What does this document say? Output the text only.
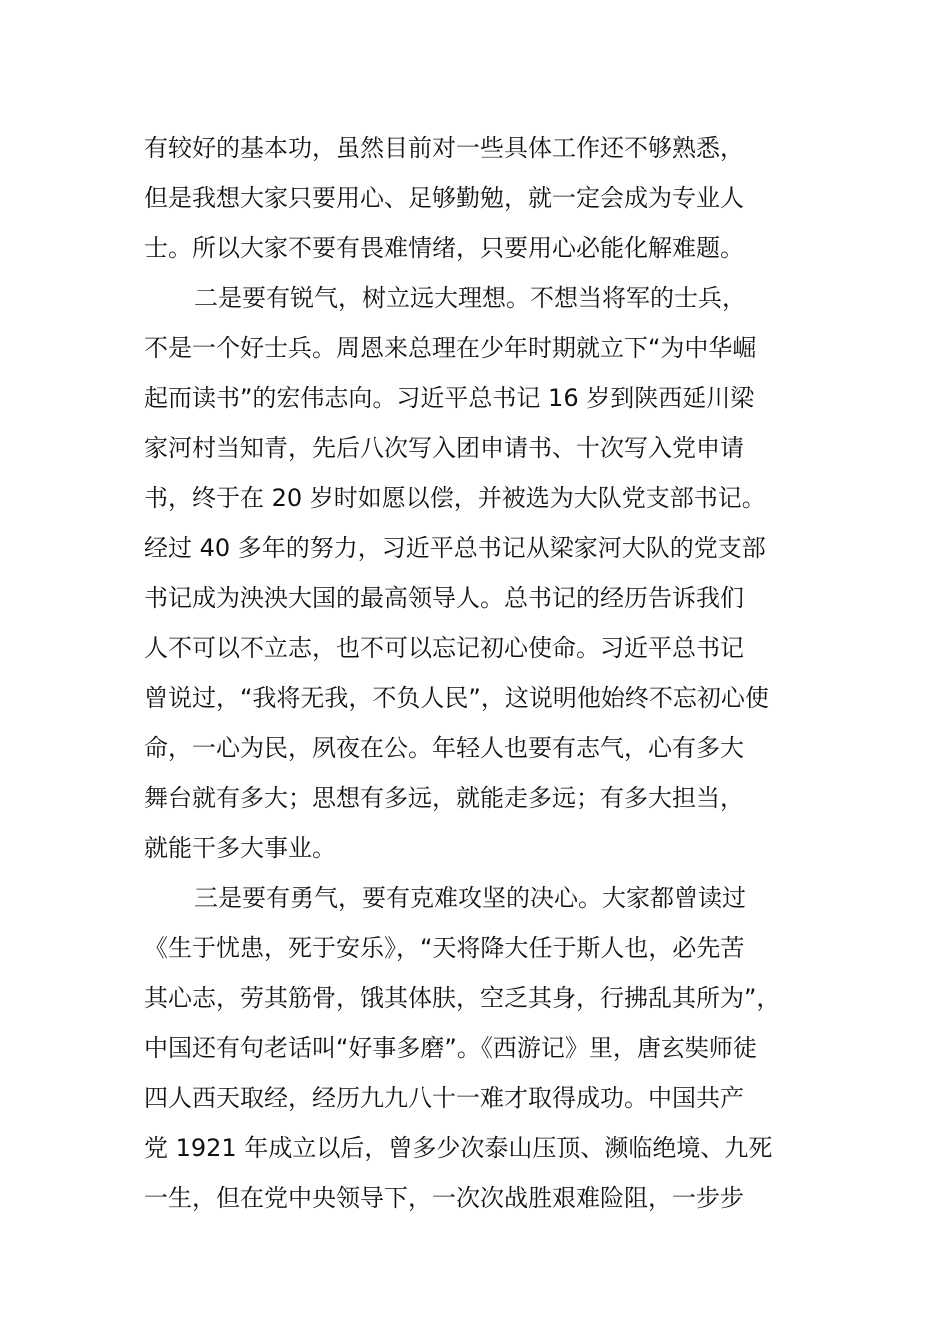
有较好的基本功，虽然目前对一些具体工作还不够熟悉，
但是我想大家只要用心、足够勤勉，就一定会成为专业人
士。所以大家不要有畏难情绪，只要用心必能化解难题。
二是要有锐气，树立远大理想。不想当将军的士兵，
不是一个好士兵。周恩来总理在少年时期就立下“为中华崛
起而读书”的宏伟志向。习近平总书记 16 岁到陕西延川梁
家河村当知青，先后八次写入团申请书、十次写入党申请
书，终于在 20 岁时如愿以偿，并被选为大队党支部书记。
经过 40 多年的努力，习近平总书记从梁家河大队的党支部
书记成为泱泱大国的最高领导人。总书记的经历告诉我们
人不可以不立志，也不可以忘记初心使命。习近平总书记
曾说过，“我将无我，不负人民”，这说明他始终不忘初心使
命，一心为民，夙夜在公。年轻人也要有志气，心有多大
舞台就有多大；思想有多远，就能走多远；有多大担当，
就能干多大事业。
三是要有勇气，要有克难攻坚的决心。大家都曾读过
《生于忧患，死于安乐》，“天将降大任于斯人也，必先苦
其心志，劳其筋骨，饿其体肤，空乏其身，行拂乱其所为”，
中国还有句老话叫“好事多磨”。《西游记》里，唐玄奘师徒
四人西天取经，经历九九八十一难才取得成功。中国共产
党 1921 年成立以后，曾多少次泰山压顶、濒临绝境、九死
一生，但在党中央领导下，一次次战胜艰难险阻，一步步
